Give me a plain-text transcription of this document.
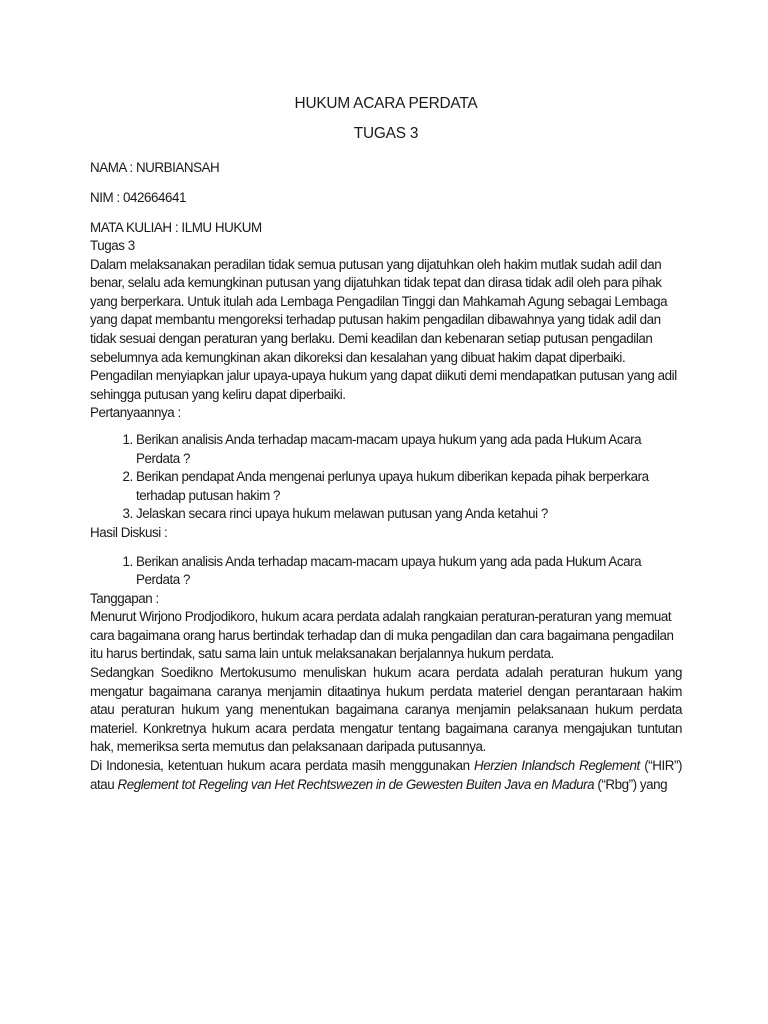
HUKUM ACARA PERDATA

TUGAS 3

NAMA : NURBIANSAH

NIM : 042664641

MATA KULIAH : ILMU HUKUM

Tugas 3

Dalam melaksanakan peradilan tidak semua putusan yang dijatuhkan oleh hakim mutlak sudah adil dan benar, selalu ada kemungkinan putusan yang dijatuhkan tidak tepat dan dirasa tidak adil oleh para pihak yang berperkara. Untuk itulah ada Lembaga Pengadilan Tinggi dan Mahkamah Agung sebagai Lembaga yang dapat membantu mengoreksi terhadap putusan hakim pengadilan dibawahnya yang tidak adil dan tidak sesuai dengan peraturan yang berlaku. Demi keadilan dan kebenaran setiap putusan pengadilan sebelumnya ada kemungkinan akan dikoreksi dan kesalahan yang dibuat hakim dapat diperbaiki. Pengadilan menyiapkan jalur upaya-upaya hukum yang dapat diikuti demi mendapatkan putusan yang adil sehingga putusan yang keliru dapat diperbaiki.

Pertanyaannya :

1. Berikan analisis Anda terhadap macam-macam upaya hukum yang ada pada Hukum Acara Perdata ?
2. Berikan pendapat Anda mengenai perlunya upaya hukum diberikan kepada pihak berperkara terhadap putusan hakim ?
3. Jelaskan secara rinci upaya hukum melawan putusan yang Anda ketahui ?

Hasil Diskusi :

1. Berikan analisis Anda terhadap macam-macam upaya hukum yang ada pada Hukum Acara Perdata ?

Tanggapan :

Menurut Wirjono Prodjodikoro, hukum acara perdata adalah rangkaian peraturan-peraturan yang memuat cara bagaimana orang harus bertindak terhadap dan di muka pengadilan dan cara bagaimana pengadilan itu harus bertindak, satu sama lain untuk melaksanakan berjalannya hukum perdata.

Sedangkan Soedikno Mertokusumo menuliskan hukum acara perdata adalah peraturan hukum yang mengatur bagaimana caranya menjamin ditaatinya hukum perdata materiel dengan perantaraan hakim atau peraturan hukum yang menentukan bagaimana caranya menjamin pelaksanaan hukum perdata materiel. Konkretnya hukum acara perdata mengatur tentang bagaimana caranya mengajukan tuntutan hak, memeriksa serta memutus dan pelaksanaan daripada putusannya.

Di Indonesia, ketentuan hukum acara perdata masih menggunakan Herzien Inlandsch Reglement (“HIR”) atau Reglement tot Regeling van Het Rechtswezen in de Gewesten Buiten Java en Madura (“Rbg”) yang
